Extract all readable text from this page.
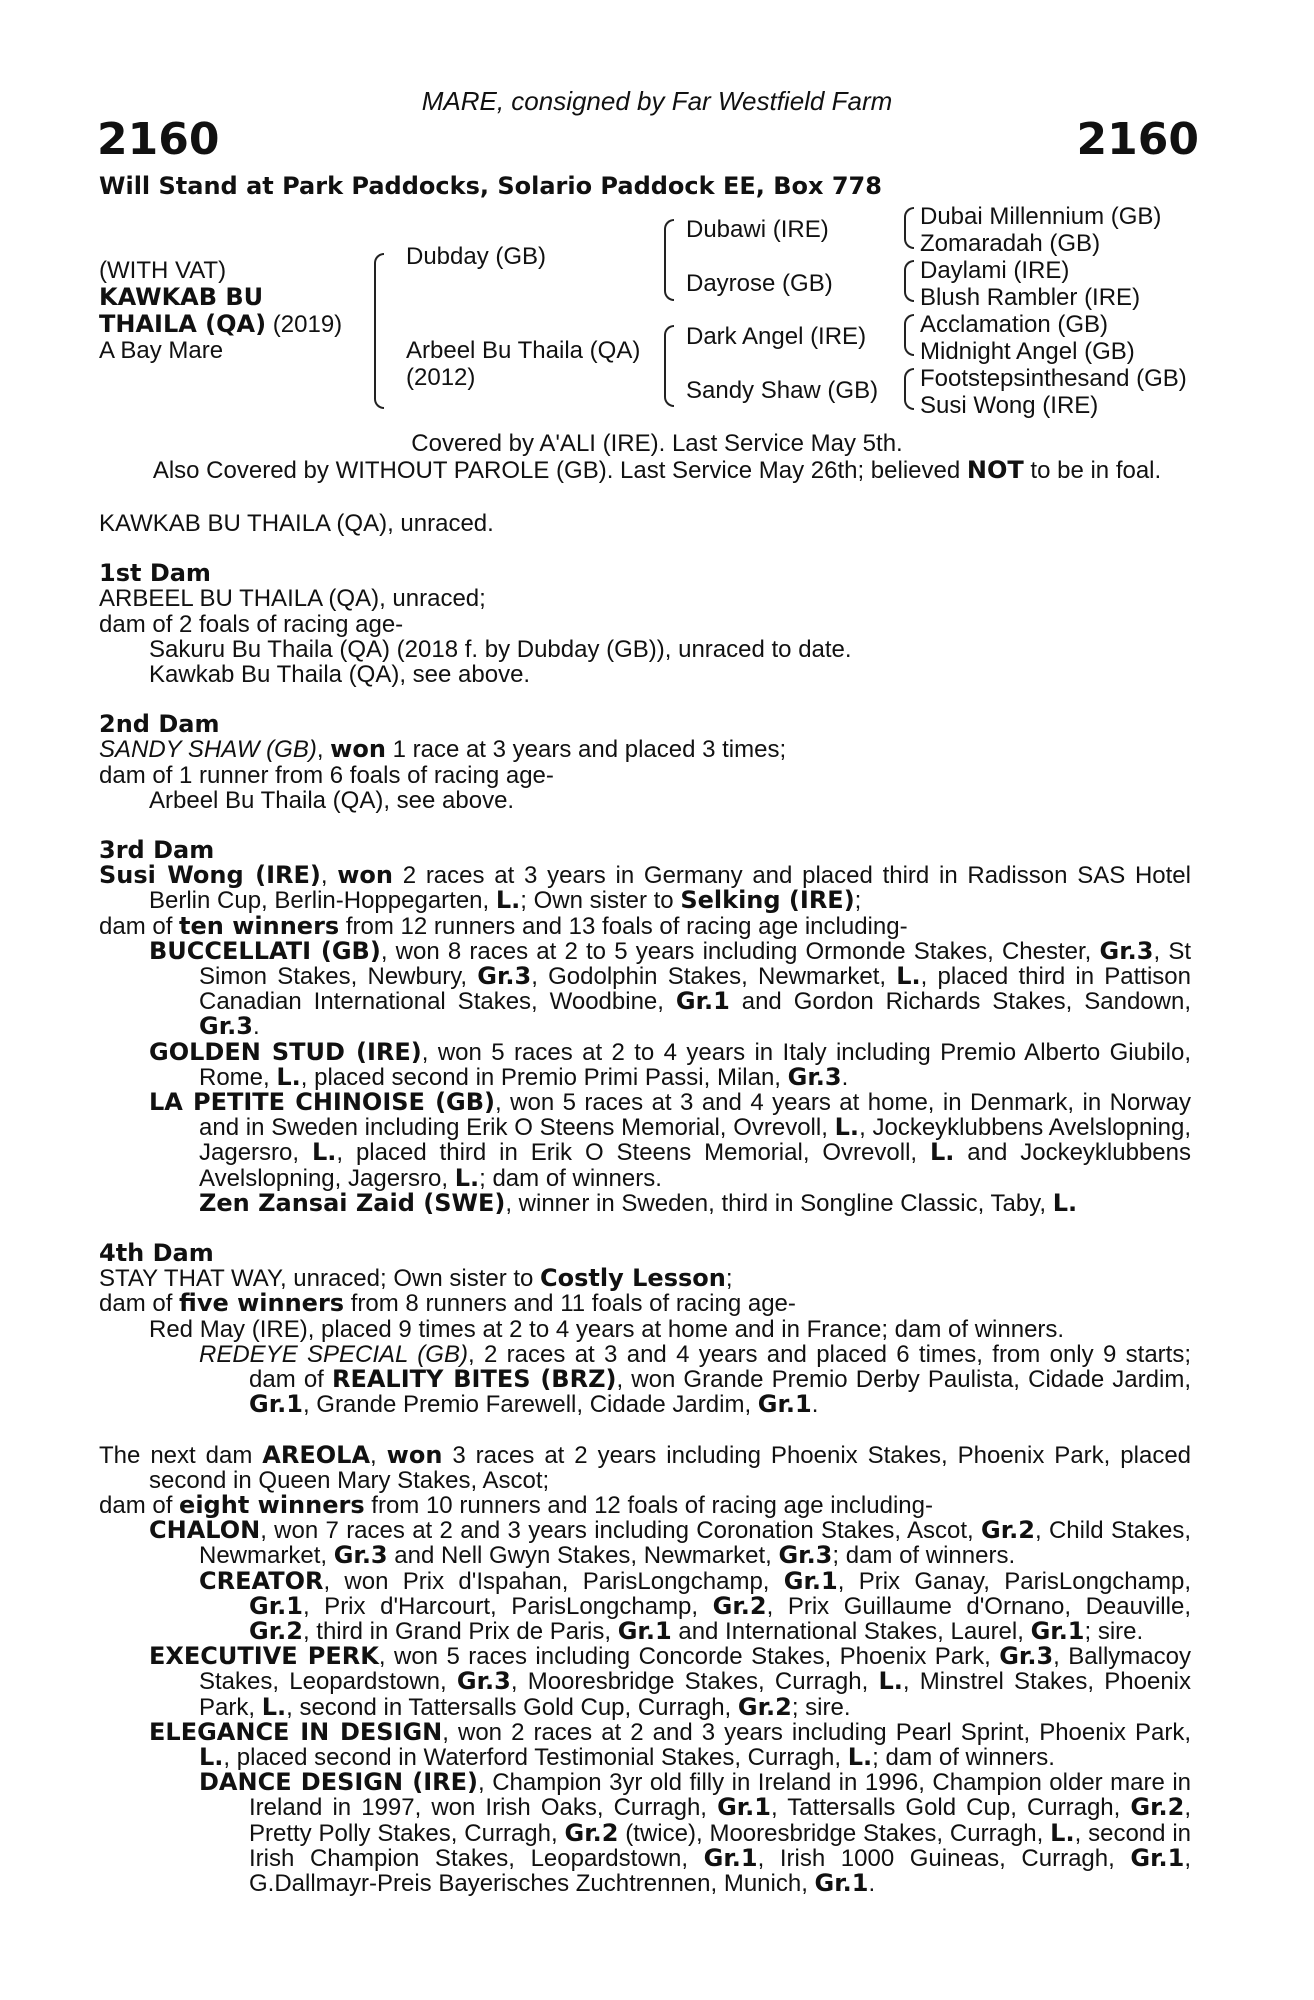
MARE, consigned by Far Westfield Farm
2160	2160
Will Stand at Park Paddocks, Solario Paddock EE, Box 778
(WITH VAT)
KAWKAB BU
THAILA (QA) (2019)
A Bay Mare
Dubday (GB)
Arbeel Bu Thaila (QA)
(2012)
Dubawi (IRE)
Dayrose (GB)
Dark Angel (IRE)
Sandy Shaw (GB)
Dubai Millennium (GB)
Zomaradah (GB)
Daylami (IRE)
Blush Rambler (IRE)
Acclamation (GB)
Midnight Angel (GB)
Footstepsinthesand (GB)
Susi Wong (IRE)
Covered by A'ALI (IRE). Last Service May 5th.
Also Covered by WITHOUT PAROLE (GB). Last Service May 26th; believed NOT to be in foal.

KAWKAB BU THAILA (QA), unraced.

1st Dam

ARBEEL BU THAILA (QA), unraced;

dam of 2 foals of racing age-

Sakuru Bu Thaila (QA) (2018 f. by Dubday (GB)), unraced to date.

Kawkab Bu Thaila (QA), see above.

2nd Dam

SANDY SHAW (GB), won 1 race at 3 years and placed 3 times;

dam of 1 runner from 6 foals of racing age-

Arbeel Bu Thaila (QA), see above.

3rd Dam

Susi Wong (IRE), won 2 races at 3 years in Germany and placed third in Radisson SAS Hotel Berlin Cup, Berlin-Hoppegarten, L.; Own sister to Selking (IRE);

dam of ten winners from 12 runners and 13 foals of racing age including-

BUCCELLATI (GB), won 8 races at 2 to 5 years including Ormonde Stakes, Chester, Gr.3, St Simon Stakes, Newbury, Gr.3, Godolphin Stakes, Newmarket, L., placed third in Pattison Canadian International Stakes, Woodbine, Gr.1 and Gordon Richards Stakes, Sandown, Gr.3.

GOLDEN STUD (IRE), won 5 races at 2 to 4 years in Italy including Premio Alberto Giubilo, Rome, L., placed second in Premio Primi Passi, Milan, Gr.3.

LA PETITE CHINOISE (GB), won 5 races at 3 and 4 years at home, in Denmark, in Norway and in Sweden including Erik O Steens Memorial, Ovrevoll, L., Jockeyklubbens Avelslopning, Jagersro, L., placed third in Erik O Steens Memorial, Ovrevoll, L. and Jockeyklubbens Avelslopning, Jagersro, L.; dam of winners.

Zen Zansai Zaid (SWE), winner in Sweden, third in Songline Classic, Taby, L.

4th Dam

STAY THAT WAY, unraced; Own sister to Costly Lesson;

dam of five winners from 8 runners and 11 foals of racing age-

Red May (IRE), placed 9 times at 2 to 4 years at home and in France; dam of winners.

REDEYE SPECIAL (GB), 2 races at 3 and 4 years and placed 6 times, from only 9 starts; dam of REALITY BITES (BRZ), won Grande Premio Derby Paulista, Cidade Jardim, Gr.1, Grande Premio Farewell, Cidade Jardim, Gr.1.

The next dam AREOLA, won 3 races at 2 years including Phoenix Stakes, Phoenix Park, placed second in Queen Mary Stakes, Ascot;

dam of eight winners from 10 runners and 12 foals of racing age including-

CHALON, won 7 races at 2 and 3 years including Coronation Stakes, Ascot, Gr.2, Child Stakes, Newmarket, Gr.3 and Nell Gwyn Stakes, Newmarket, Gr.3; dam of winners.

CREATOR, won Prix d'Ispahan, ParisLongchamp, Gr.1, Prix Ganay, ParisLongchamp, Gr.1, Prix d'Harcourt, ParisLongchamp, Gr.2, Prix Guillaume d'Ornano, Deauville, Gr.2, third in Grand Prix de Paris, Gr.1 and International Stakes, Laurel, Gr.1; sire.

EXECUTIVE PERK, won 5 races including Concorde Stakes, Phoenix Park, Gr.3, Ballymacoy Stakes, Leopardstown, Gr.3, Mooresbridge Stakes, Curragh, L., Minstrel Stakes, Phoenix Park, L., second in Tattersalls Gold Cup, Curragh, Gr.2; sire.

ELEGANCE IN DESIGN, won 2 races at 2 and 3 years including Pearl Sprint, Phoenix Park, L., placed second in Waterford Testimonial Stakes, Curragh, L.; dam of winners.

DANCE DESIGN (IRE), Champion 3yr old filly in Ireland in 1996, Champion older mare in Ireland in 1997, won Irish Oaks, Curragh, Gr.1, Tattersalls Gold Cup, Curragh, Gr.2, Pretty Polly Stakes, Curragh, Gr.2 (twice), Mooresbridge Stakes, Curragh, L., second in Irish Champion Stakes, Leopardstown, Gr.1, Irish 1000 Guineas, Curragh, Gr.1, G.Dallmayr-Preis Bayerisches Zuchtrennen, Munich, Gr.1.
